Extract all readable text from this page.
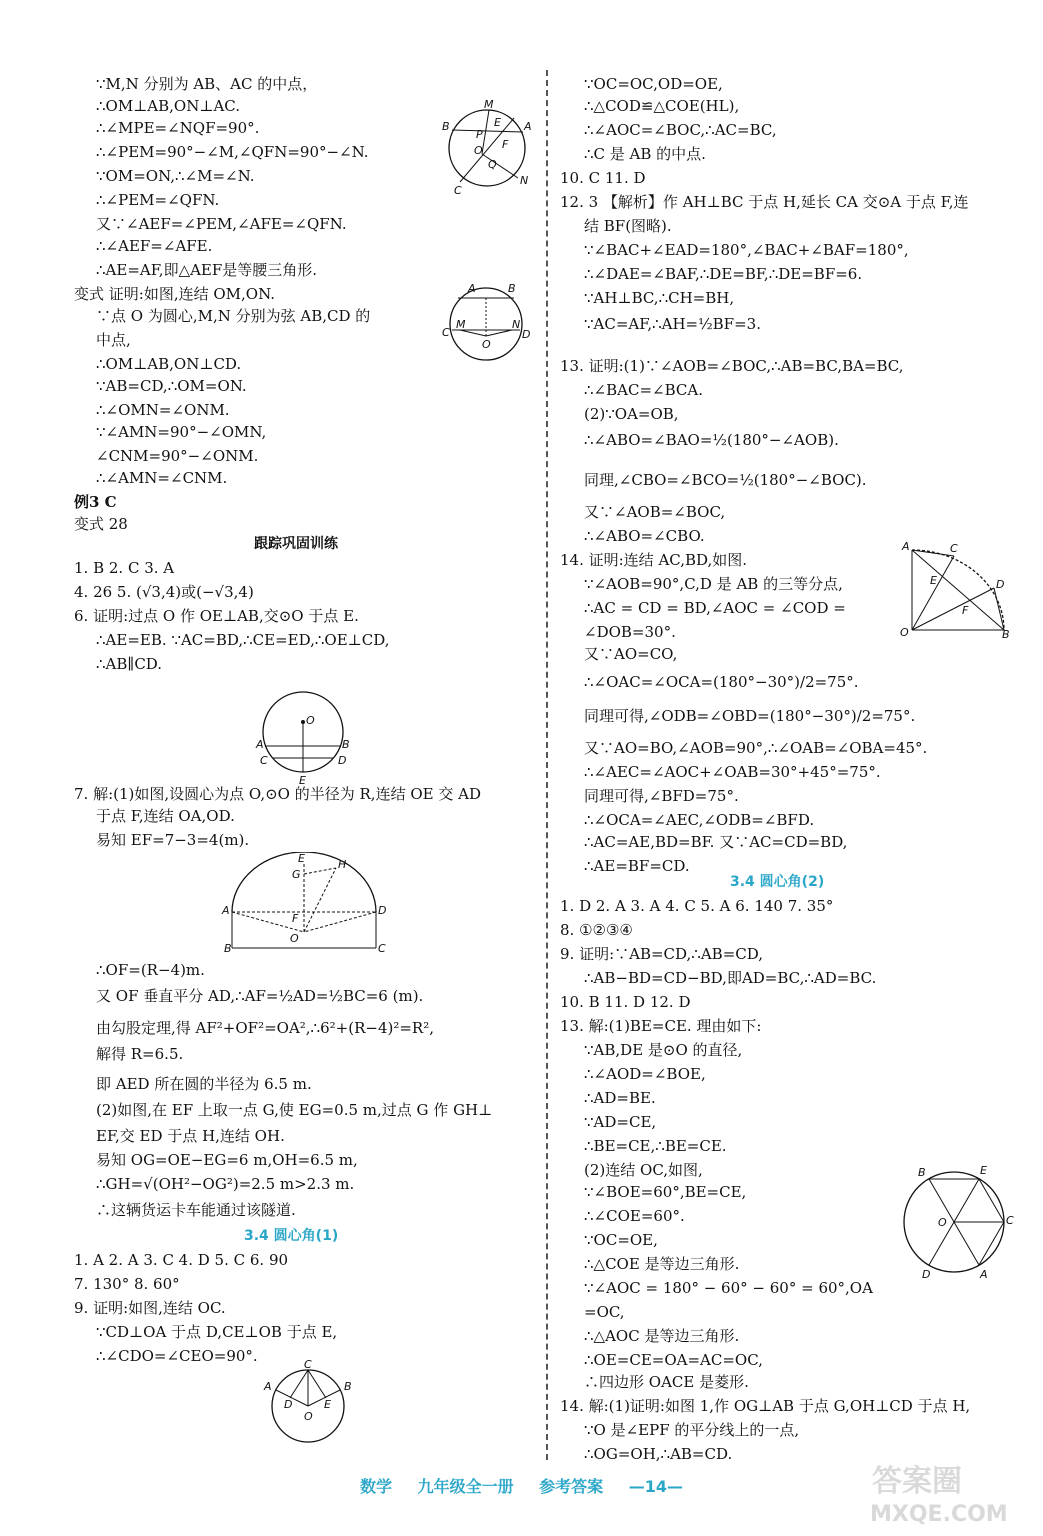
∵M,N 分别为 AB、AC 的中点，
∴OM⊥AB,ON⊥AC.
∴∠MPE=∠NQF=90°.
∴∠PEM=90°−∠M,∠QFN=90°−∠N.
∵OM=ON,∴∠M=∠N.
∴∠PEM=∠QFN.
又∵∠AEF=∠PEM,∠AFE=∠QFN.
∴∠AEF=∠AFE.
∴AE=AF,即△AEF是等腰三角形.
变式 证明:如图,连结 OM,ON.
∵点 O 为圆心,M,N 分别为弦 AB,CD 的
中点,
∴OM⊥AB,ON⊥CD.
∵AB=CD,∴OM=ON.
∴∠OMN=∠ONM.
∵∠AMN=90°−∠OMN,
∠CNM=90°−∠ONM.
∴∠AMN=∠CNM.
例3 C
变式 28
跟踪巩固训练
1. B 2. C 3. A
4. 26 5. (√3,4)或(−√3,4)
6. 证明:过点 O 作 OE⊥AB,交⊙O 于点 E.
∴AE=EB. ∵AC=BD,∴CE=ED,∴OE⊥CD,
∴AB∥CD.
7. 解:(1)如图,设圆心为点 O,⊙O 的半径为 R,连结 OE 交 AD
于点 F,连结 OA,OD.
易知 EF=7−3=4(m).
∴OF=(R−4)m.
又 OF 垂直平分 AD,∴AF=½AD=½BC=6 (m).
由勾股定理,得 AF²+OF²=OA²,∴6²+(R−4)²=R²,
解得 R=6.5.
即 AED 所在圆的半径为 6.5 m.
(2)如图,在 EF 上取一点 G,使 EG=0.5 m,过点 G 作 GH⊥
EF,交 ED 于点 H,连结 OH.
易知 OG=OE−EG=6 m,OH=6.5 m,
∴GH=√(OH²−OG²)=2.5 m>2.3 m.
∴这辆货运卡车能通过该隧道.
3.4 圆心角(1)
1. A 2. A 3. C 4. D 5. C 6. 90
7. 130° 8. 60°
9. 证明:如图,连结 OC.
∵CD⊥OA 于点 D,CE⊥OB 于点 E,
∴∠CDO=∠CEO=90°.
∵OC=OC,OD=OE,
∴△COD≌△COE(HL),
∴∠AOC=∠BOC,∴AC=BC,
∴C 是 AB 的中点.
10. C 11. D
12. 3 【解析】作 AH⊥BC 于点 H,延长 CA 交⊙A 于点 F,连
结 BF(图略).
∵∠BAC+∠EAD=180°,∠BAC+∠BAF=180°,
∴∠DAE=∠BAF,∴DE=BF,∴DE=BF=6.
∵AH⊥BC,∴CH=BH,
∵AC=AF,∴AH=½BF=3.
13. 证明:(1)∵∠AOB=∠BOC,∴AB=BC,BA=BC,
∴∠BAC=∠BCA.
(2)∵OA=OB,
∴∠ABO=∠BAO=½(180°−∠AOB).
同理,∠CBO=∠BCO=½(180°−∠BOC).
又∵∠AOB=∠BOC,
∴∠ABO=∠CBO.
14. 证明:连结 AC,BD,如图.
∵∠AOB=90°,C,D 是 AB 的三等分点,
∴AC = CD = BD,∠AOC = ∠COD =
∠DOB=30°.
又∵AO=CO,
∴∠OAC=∠OCA=(180°−30°)/2=75°.
同理可得,∠ODB=∠OBD=(180°−30°)/2=75°.
又∵AO=BO,∠AOB=90°,∴∠OAB=∠OBA=45°.
∴∠AEC=∠AOC+∠OAB=30°+45°=75°.
同理可得,∠BFD=75°.
∴∠OCA=∠AEC,∠ODB=∠BFD.
∴AC=AE,BD=BF. 又∵AC=CD=BD,
∴AE=BF=CD.
3.4 圆心角(2)
1. D 2. A 3. A 4. C 5. A 6. 140 7. 35°
8. ①②③④
9. 证明:∵AB=CD,∴AB=CD,
∴AB−BD=CD−BD,即AD=BC,∴AD=BC.
10. B 11. D 12. D
13. 解:(1)BE=CE. 理由如下:
∵AB,DE 是⊙O 的直径,
∴∠AOD=∠BOE,
∴AD=BE.
∵AD=CE,
∴BE=CE,∴BE=CE.
(2)连结 OC,如图,
∵∠BOE=60°,BE=CE,
∴∠COE=60°.
∵OC=OE,
∴△COE 是等边三角形.
∵∠AOC = 180° − 60° − 60° = 60°,OA
=OC,
∴△AOC 是等边三角形.
∴OE=CE=OA=AC=OC,
∴四边形 OACE 是菱形.
14. 解:(1)证明:如图 1,作 OG⊥AB 于点 G,OH⊥CD 于点 H,
∵O 是∠EPF 的平分线上的一点,
∴OG=OH,∴AB=CD.
M
B	E A
P
F
O
Q
C
N
A	B
C	D
M	N
O
O
A	B
C	D
E
E	H
G
A	D
F
O
B	C
C
A	B
D	E
O
A	C
E	D
F
O	B
B	E
O	C
D	A
数学 九年级全一册 参考答案 —14—	答案圈
MXQE.COM
